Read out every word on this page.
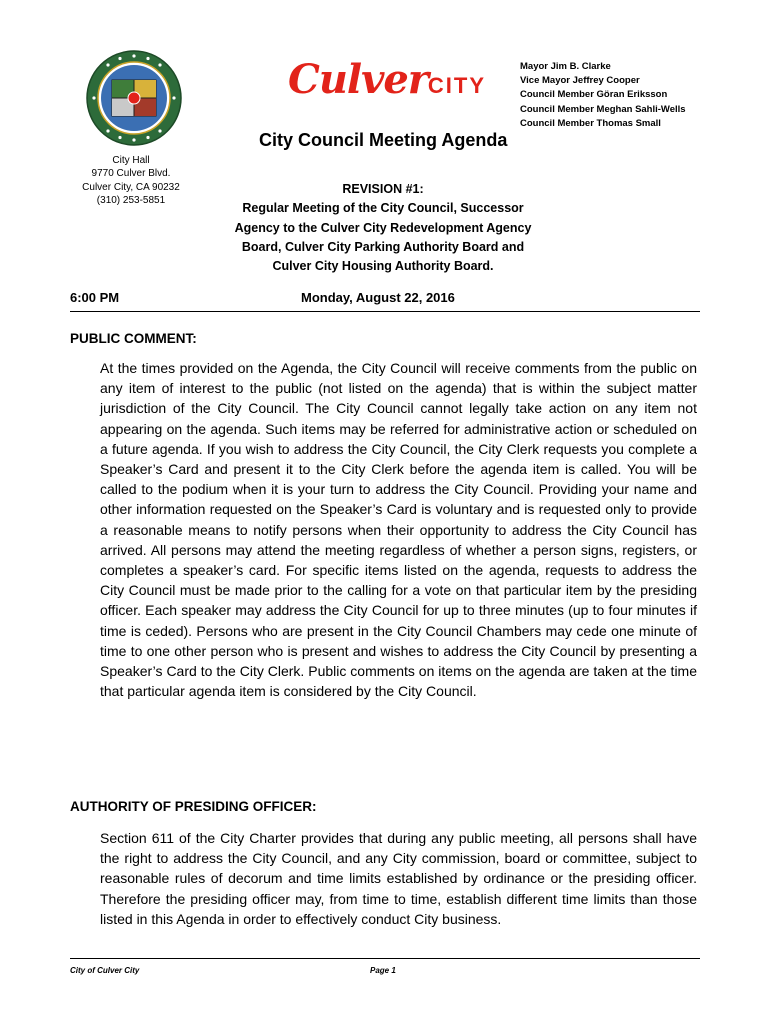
CulverCITY
Mayor Jim B. Clarke
Vice Mayor Jeffrey Cooper
Council Member Göran Eriksson
Council Member Meghan Sahli-Wells
Council Member Thomas Small
City Hall
9770 Culver Blvd.
Culver City, CA 90232
(310) 253-5851
City Council Meeting Agenda
REVISION #1:
Regular Meeting of the City Council, Successor
Agency to the Culver City Redevelopment Agency
Board, Culver City Parking Authority Board and
Culver City Housing Authority Board.
6:00 PM	Monday, August 22, 2016
PUBLIC COMMENT:
At the times provided on the Agenda, the City Council will receive comments from the public on any item of interest to the public (not listed on the agenda) that is within the subject matter jurisdiction of the City Council. The City Council cannot legally take action on any item not appearing on the agenda. Such items may be referred for administrative action or scheduled on a future agenda. If you wish to address the City Council, the City Clerk requests you complete a Speaker’s Card and present it to the City Clerk before the agenda item is called. You will be called to the podium when it is your turn to address the City Council. Providing your name and other information requested on the Speaker’s Card is voluntary and is requested only to provide a reasonable means to notify persons when their opportunity to address the City Council has arrived. All persons may attend the meeting regardless of whether a person signs, registers, or completes a speaker’s card. For specific items listed on the agenda, requests to address the City Council must be made prior to the calling for a vote on that particular item by the presiding officer. Each speaker may address the City Council for up to three minutes (up to four minutes if time is ceded). Persons who are present in the City Council Chambers may cede one minute of time to one other person who is present and wishes to address the City Council by presenting a Speaker’s Card to the City Clerk. Public comments on items on the agenda are taken at the time that particular agenda item is considered by the City Council.
AUTHORITY OF PRESIDING OFFICER:
Section 611 of the City Charter provides that during any public meeting, all persons shall have the right to address the City Council, and any City commission, board or committee, subject to reasonable rules of decorum and time limits established by ordinance or the presiding officer. Therefore the presiding officer may, from time to time, establish different time limits than those listed in this Agenda in order to effectively conduct City business.
City of Culver City	Page 1
